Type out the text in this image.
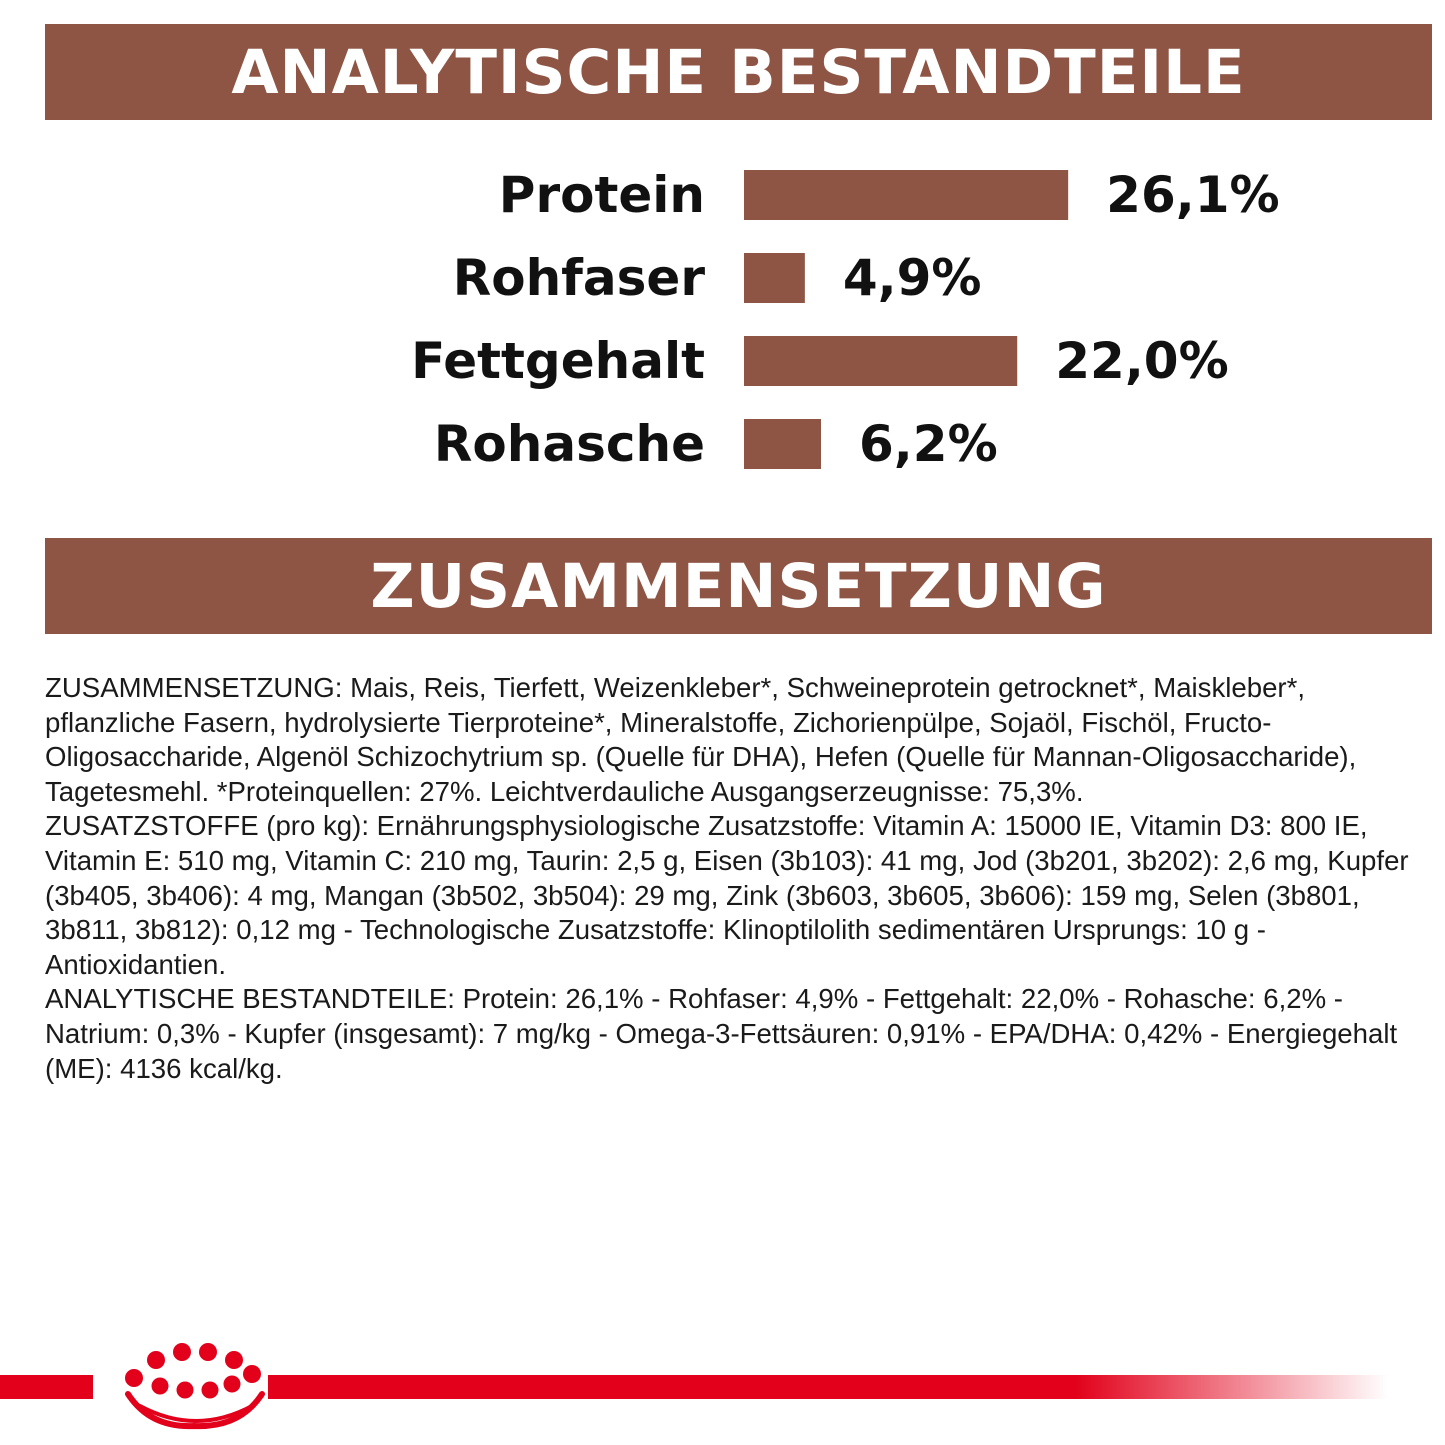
ANALYTISCHE BESTANDTEILE
Protein	26,1%
Rohfaser	4,9%
Fettgehalt	22,0%
Rohasche	6,2%
ZUSAMMENSETZUNG

ZUSAMMENSETZUNG: Mais, Reis, Tierfett, Weizenkleber*, Schweineprotein getrocknet*, Maiskleber*, pflanzliche Fasern, hydrolysierte Tierproteine*, Mineralstoffe, Zichorienpülpe, Sojaöl, Fischöl, Fructo-Oligosaccharide, Algenöl Schizochytrium sp. (Quelle für DHA), Hefen (Quelle für Mannan-Oligosaccharide), Tagetesmehl. *Proteinquellen: 27%. Leichtverdauliche Ausgangserzeugnisse: 75,3%.

ZUSATZSTOFFE (pro kg): Ernährungsphysiologische Zusatzstoffe: Vitamin A: 15000 IE, Vitamin D3: 800 IE, Vitamin E: 510 mg, Vitamin C: 210 mg, Taurin: 2,5 g, Eisen (3b103): 41 mg, Jod (3b201, 3b202): 2,6 mg, Kupfer (3b405, 3b406): 4 mg, Mangan (3b502, 3b504): 29 mg, Zink (3b603, 3b605, 3b606): 159 mg, Selen (3b801, 3b811, 3b812): 0,12 mg - Technologische Zusatzstoffe: Klinoptilolith sedimentären Ursprungs: 10 g - Antioxidantien.

ANALYTISCHE BESTANDTEILE: Protein: 26,1% - Rohfaser: 4,9% - Fettgehalt: 22,0% - Rohasche: 6,2% - Natrium: 0,3% - Kupfer (insgesamt): 7 mg/kg - Omega-3-Fettsäuren: 0,91% - EPA/DHA: 0,42% - Energiegehalt (ME): 4136 kcal/kg.
